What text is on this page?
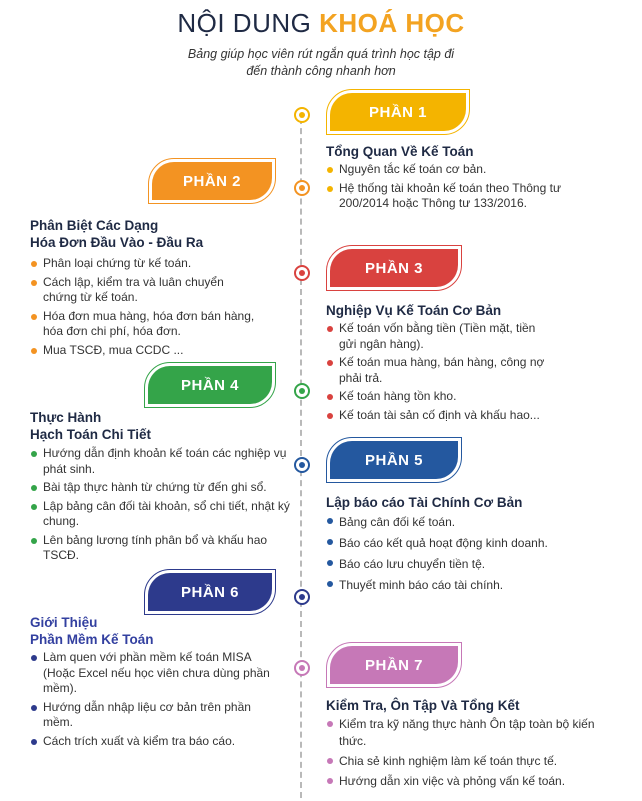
NỘI DUNG KHOÁ HỌC
Bảng giúp học viên rút ngắn quá trình học tập đi
đến thành công nhanh hơn
PHẦN 1
Tổng Quan Về Kế Toán
Nguyên tắc kế toán cơ bản.
Hệ thống tài khoản kế toán theo Thông tư 200/2014 hoặc Thông tư 133/2016.
PHẦN 2
Phân Biệt Các Dạng
Hóa Đơn Đầu Vào - Đầu Ra
Phân loại chứng từ kế toán.
Cách lập, kiểm tra và luân chuyển chứng từ kế toán.
Hóa đơn mua hàng, hóa đơn bán hàng, hóa đơn chi phí, hóa đơn.
Mua TSCĐ, mua CCDC ...
PHẦN 3
Nghiệp Vụ Kế Toán Cơ Bản
Kế toán vốn bằng tiền (Tiền mặt, tiền gửi ngân hàng).
Kế toán mua hàng, bán hàng, công nợ phải trả.
Kế toán hàng tồn kho.
Kế toán tài sản cố định và khấu hao...
PHẦN 4
Thực Hành
Hạch Toán Chi Tiết
Hướng dẫn định khoản kế toán các nghiệp vụ phát sinh.
Bài tập thực hành từ chứng từ đến ghi sổ.
Lập bảng cân đối tài khoản, sổ chi tiết, nhật ký chung.
Lên bảng lương tính phân bổ và khấu hao TSCĐ.
PHẦN 5
Lập báo cáo Tài Chính Cơ Bản
Bảng cân đối kế toán.
Báo cáo kết quả hoạt động kinh doanh.
Báo cáo lưu chuyển tiền tệ.
Thuyết minh báo cáo tài chính.
PHẦN 6
Giới Thiệu
Phần Mềm Kế Toán
Làm quen với phần mềm kế toán MISA (Hoặc Excel nếu học viên chưa dùng phần mềm).
Hướng dẫn nhập liệu cơ bản trên phần mềm.
Cách trích xuất và kiểm tra báo cáo.
PHẦN 7
Kiểm Tra, Ôn Tập Và Tổng Kết
Kiểm tra kỹ năng thực hành Ôn tập toàn bộ kiến thức.
Chia sẻ kinh nghiệm làm kế toán thực tế.
Hướng dẫn xin việc và phỏng vấn kế toán.
